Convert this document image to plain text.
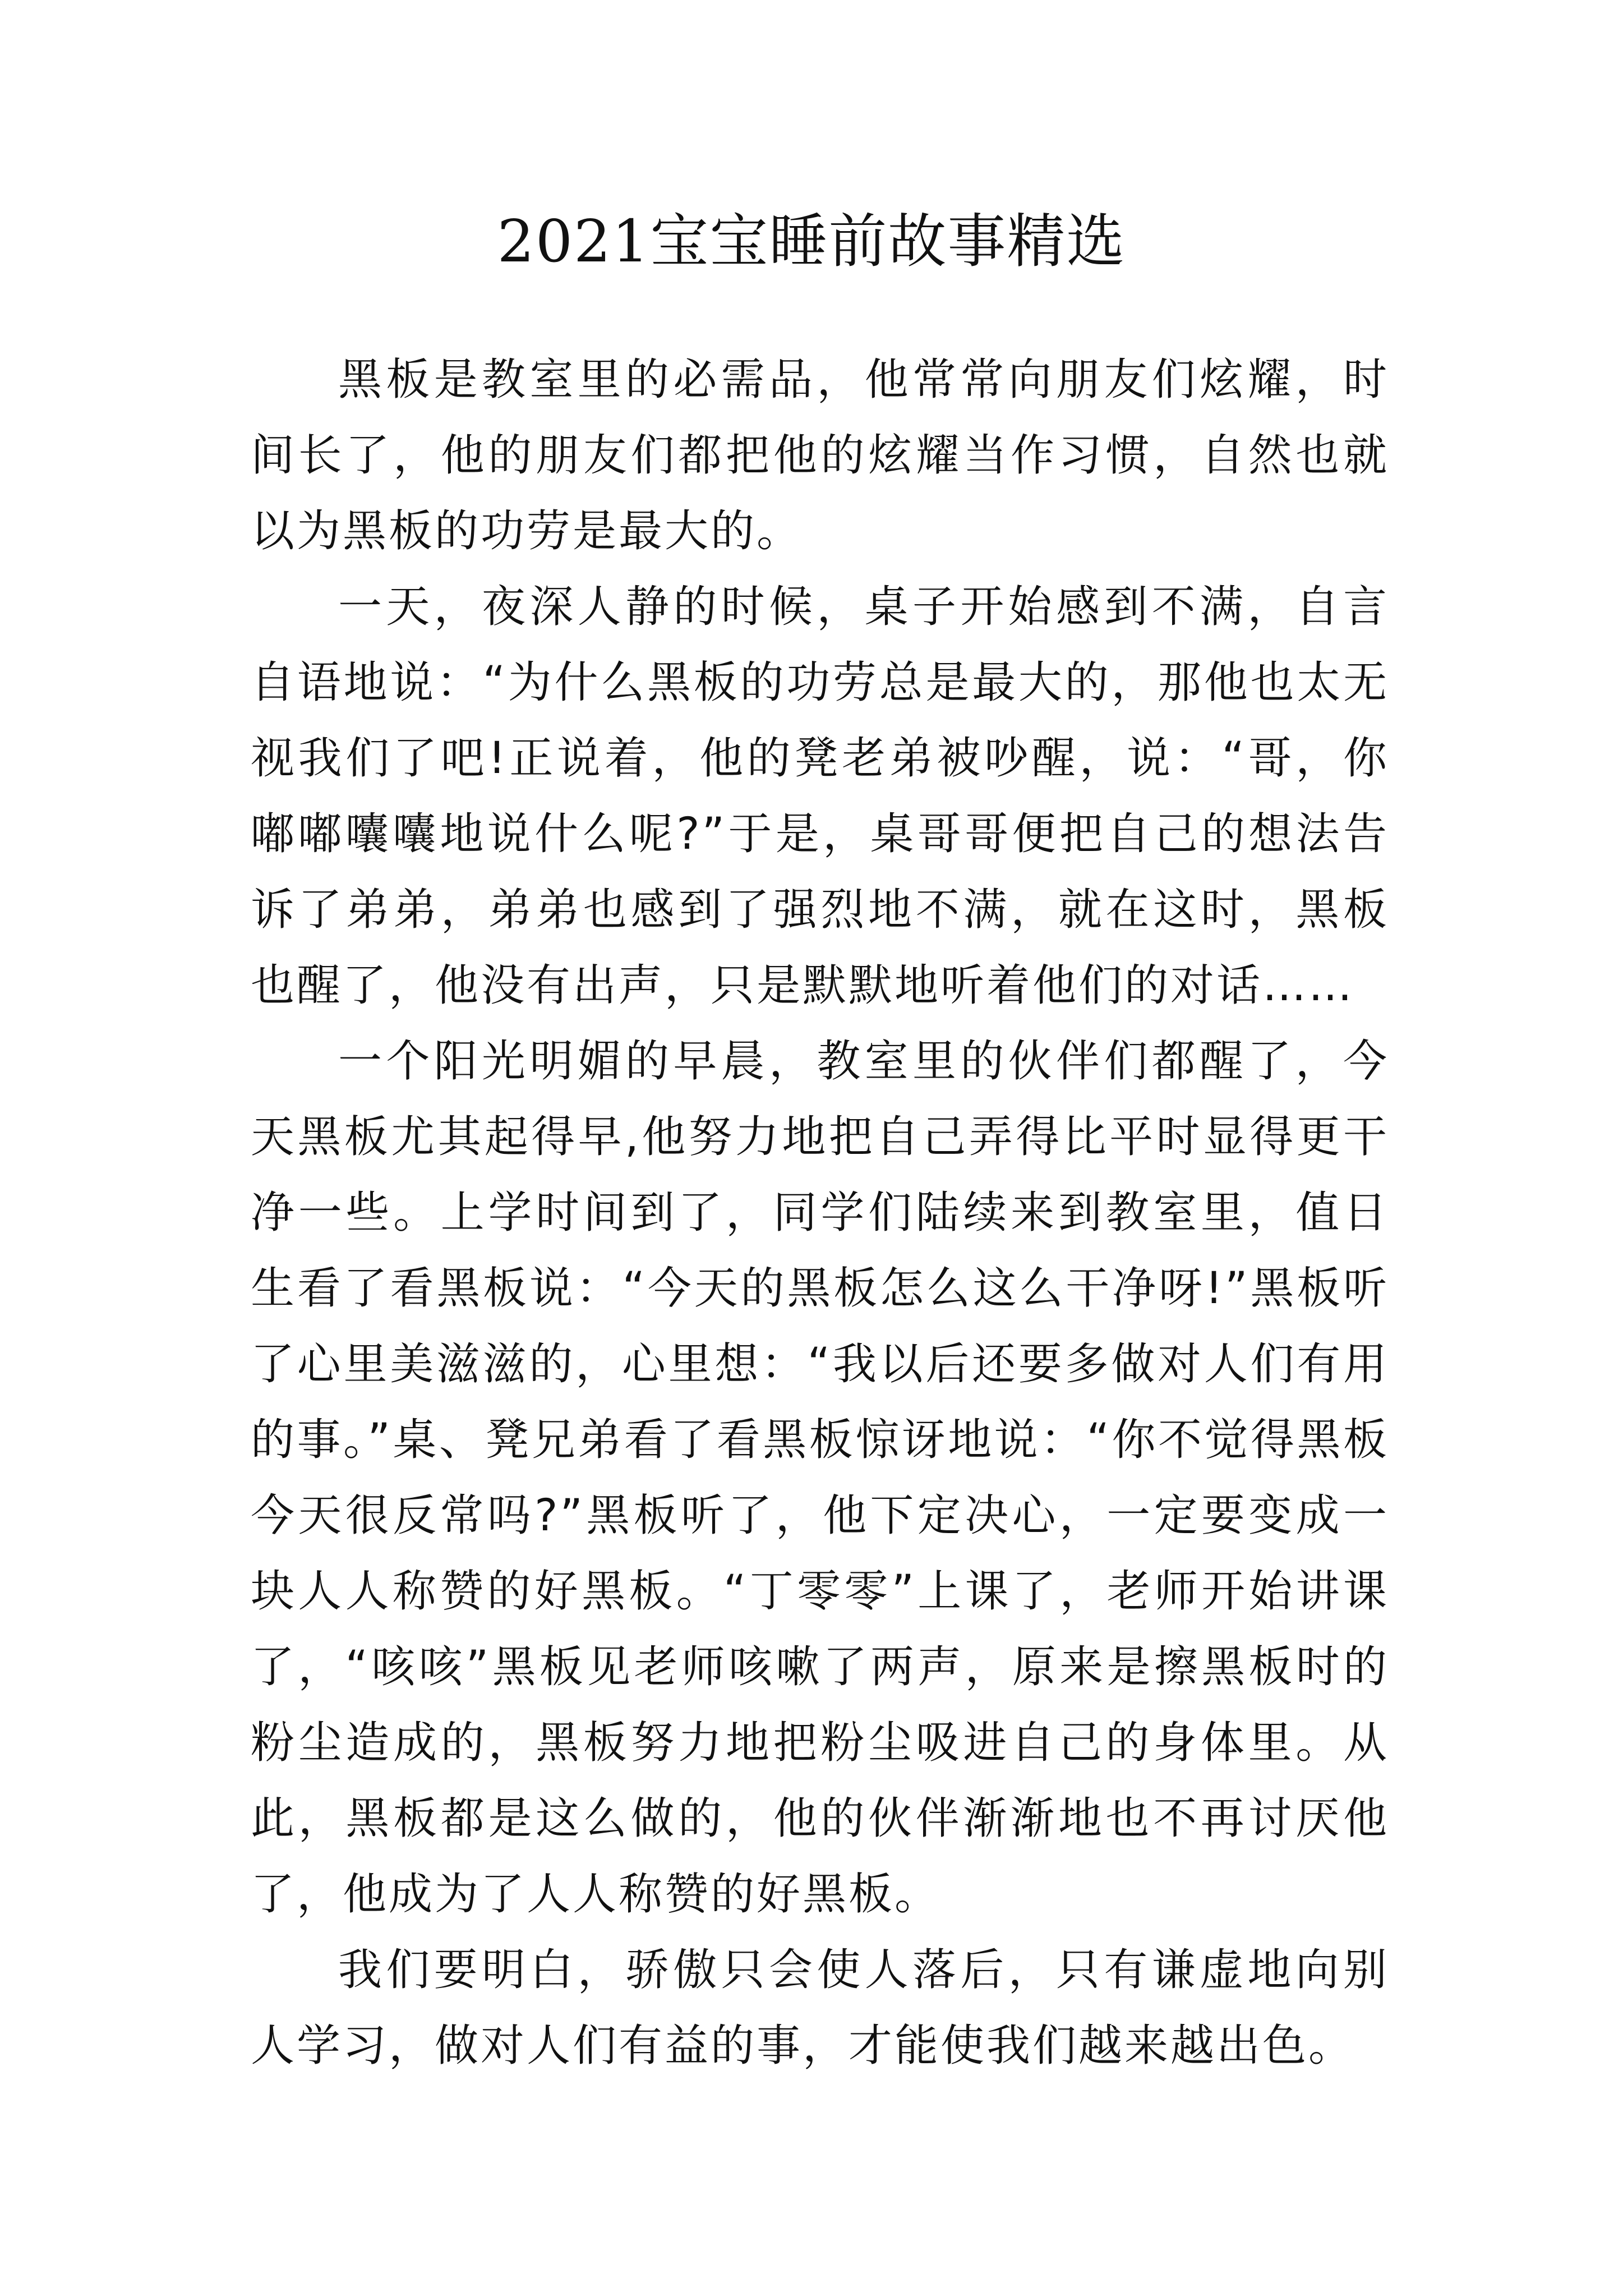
2021宝宝睡前故事精选

黑板是教室里的必需品，他常常向朋友们炫耀，时间长了，他的朋友们都把他的炫耀当作习惯，自然也就以为黑板的功劳是最大的。

一天，夜深人静的时候，桌子开始感到不满，自言自语地说：“为什么黑板的功劳总是最大的，那他也太无视我们了吧!正说着，他的凳老弟被吵醒，说：“哥，你嘟嘟囔囔地说什么呢?”于是，桌哥哥便把自己的想法告诉了弟弟，弟弟也感到了强烈地不满，就在这时，黑板也醒了，他没有出声，只是默默地听着他们的对话……

一个阳光明媚的早晨，教室里的伙伴们都醒了，今天黑板尤其起得早,他努力地把自己弄得比平时显得更干净一些。上学时间到了，同学们陆续来到教室里，值日生看了看黑板说：“今天的黑板怎么这么干净呀!”黑板听了心里美滋滋的，心里想：“我以后还要多做对人们有用的事。”桌、凳兄弟看了看黑板惊讶地说：“你不觉得黑板今天很反常吗?”黑板听了，他下定决心，一定要变成一块人人称赞的好黑板。“丁零零”上课了，老师开始讲课了，“咳咳”黑板见老师咳嗽了两声，原来是擦黑板时的粉尘造成的，黑板努力地把粉尘吸进自己的身体里。从此，黑板都是这么做的，他的伙伴渐渐地也不再讨厌他了，他成为了人人称赞的好黑板。

我们要明白，骄傲只会使人落后，只有谦虚地向别人学习，做对人们有益的事，才能使我们越来越出色。
